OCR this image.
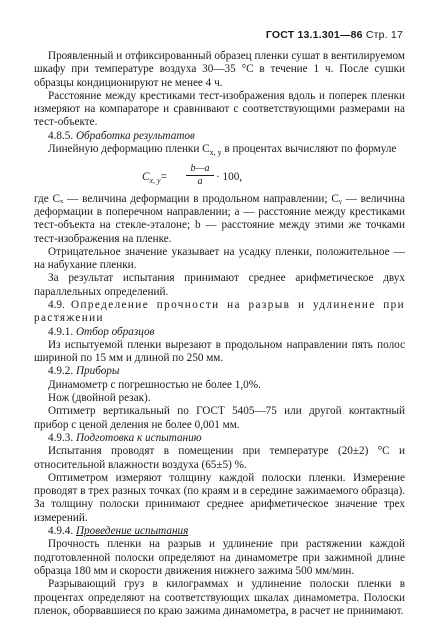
ГОСТ 13.1.301—86 Стр. 17

Проявленный и отфиксированный образец пленки сушат в вентилируемом шкафу при температуре воздуха 30—35 °С в течение 1 ч. После сушки образцы кондиционируют не менее 4 ч.

Расстояние между крестиками тест-изображения вдоль и поперек пленки измеряют на компараторе и сравнивают с соответствующими размерами на тест-объекте.

4.8.5. Обработка результатов

Линейную деформацию пленки $C_{x, y}$ в процентах вычисляют по формуле

$C_{x, y}= \frac{b—a}{a} \cdot 100$,

где Cₓ — величина деформации в продольном направлении; Cᵧ — величина деформации в поперечном направлении; a — расстояние между крестиками тест-объекта на стекле-эталоне; b — расстояние между этими же точками тест-изображения на пленке.

Отрицательное значение указывает на усадку пленки, положительное — на набухание пленки.

За результат испытания принимают среднее арифметическое двух параллельных определений.

4.9. Определение прочности на разрыв и удлинение при растяжении

4.9.1. Отбор образцов

Из испытуемой пленки вырезают в продольном направлении пять полос шириной по 15 мм и длиной по 250 мм.

4.9.2. Приборы

Динамометр с погрешностью не более 1,0%.

Нож (двойной резак).

Оптиметр вертикальный по ГОСТ 5405—75 или другой контактный прибор с ценой деления не более 0,001 мм.

4.9.3. Подготовка к испытанию

Испытания проводят в помещении при температуре (20±2) °С и относительной влажности воздуха (65±5) %.

Оптиметром измеряют толщину каждой полоски пленки. Измерение проводят в трех разных точках (по краям и в середине зажимаемого образца). За толщину полоски принимают среднее арифметическое значение трех измерений.

4.9.4. Проведение испытания

Прочность пленки на разрыв и удлинение при растяжении каждой подготовленной полоски определяют на динамометре при зажимной длине образца 180 мм и скорости движения нижнего зажима 500 мм/мин.

Разрывающий груз в килограммах и удлинение полоски пленки в процентах определяют на соответствующих шкалах динамометра. Полоски пленок, оборвавшиеся по краю зажима динамометра, в расчет не принимают.
